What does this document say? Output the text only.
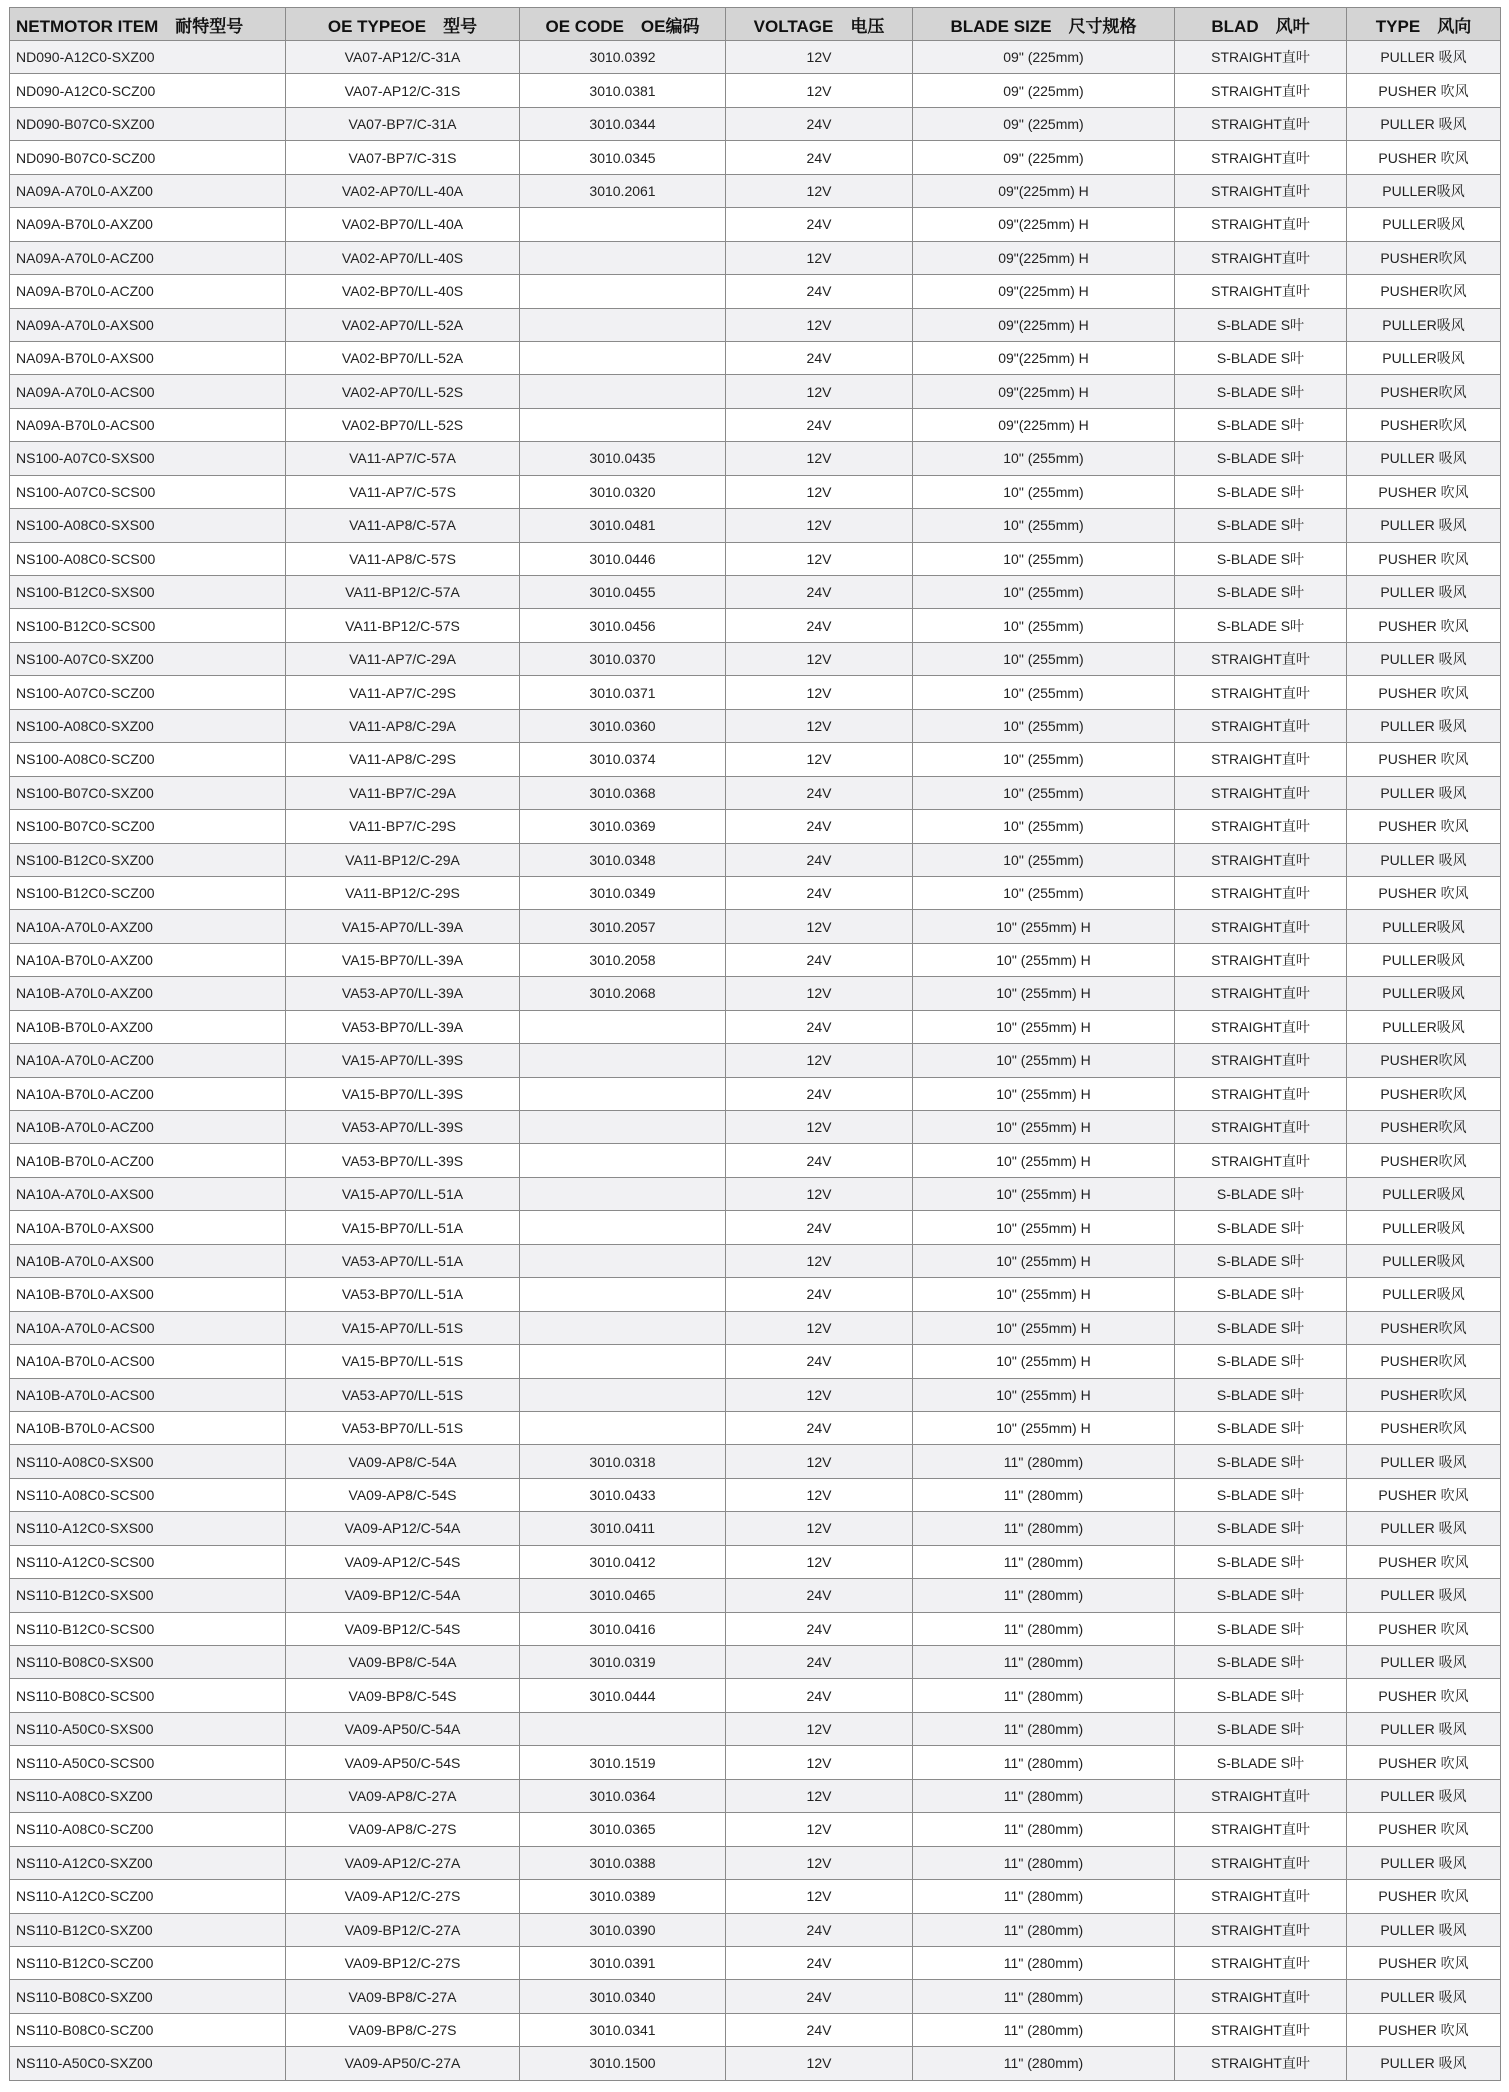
NETMOTOR ITEM　耐特型号	OE TYPEOE　型号	OE CODE　OE编码	VOLTAGE　电压	BLADE SIZE　尺寸规格	BLAD　风叶	TYPE　风向
ND090-A12C0-SXZ00	VA07-AP12/C-31A	3010.0392	12V	09" (225mm)	STRAIGHT直叶	PULLER 吸风
ND090-A12C0-SCZ00	VA07-AP12/C-31S	3010.0381	12V	09" (225mm)	STRAIGHT直叶	PUSHER 吹风
ND090-B07C0-SXZ00	VA07-BP7/C-31A	3010.0344	24V	09" (225mm)	STRAIGHT直叶	PULLER 吸风
ND090-B07C0-SCZ00	VA07-BP7/C-31S	3010.0345	24V	09" (225mm)	STRAIGHT直叶	PUSHER 吹风
NA09A-A70L0-AXZ00	VA02-AP70/LL-40A	3010.2061	12V	09"(225mm) H	STRAIGHT直叶	PULLER吸风
NA09A-B70L0-AXZ00	VA02-BP70/LL-40A		24V	09"(225mm) H	STRAIGHT直叶	PULLER吸风
NA09A-A70L0-ACZ00	VA02-AP70/LL-40S		12V	09"(225mm) H	STRAIGHT直叶	PUSHER吹风
NA09A-B70L0-ACZ00	VA02-BP70/LL-40S		24V	09"(225mm) H	STRAIGHT直叶	PUSHER吹风
NA09A-A70L0-AXS00	VA02-AP70/LL-52A		12V	09"(225mm) H	S-BLADE S叶	PULLER吸风
NA09A-B70L0-AXS00	VA02-BP70/LL-52A		24V	09"(225mm) H	S-BLADE S叶	PULLER吸风
NA09A-A70L0-ACS00	VA02-AP70/LL-52S		12V	09"(225mm) H	S-BLADE S叶	PUSHER吹风
NA09A-B70L0-ACS00	VA02-BP70/LL-52S		24V	09"(225mm) H	S-BLADE S叶	PUSHER吹风
NS100-A07C0-SXS00	VA11-AP7/C-57A	3010.0435	12V	10" (255mm)	S-BLADE S叶	PULLER 吸风
NS100-A07C0-SCS00	VA11-AP7/C-57S	3010.0320	12V	10" (255mm)	S-BLADE S叶	PUSHER 吹风
NS100-A08C0-SXS00	VA11-AP8/C-57A	3010.0481	12V	10" (255mm)	S-BLADE S叶	PULLER 吸风
NS100-A08C0-SCS00	VA11-AP8/C-57S	3010.0446	12V	10" (255mm)	S-BLADE S叶	PUSHER 吹风
NS100-B12C0-SXS00	VA11-BP12/C-57A	3010.0455	24V	10" (255mm)	S-BLADE S叶	PULLER 吸风
NS100-B12C0-SCS00	VA11-BP12/C-57S	3010.0456	24V	10" (255mm)	S-BLADE S叶	PUSHER 吹风
NS100-A07C0-SXZ00	VA11-AP7/C-29A	3010.0370	12V	10" (255mm)	STRAIGHT直叶	PULLER 吸风
NS100-A07C0-SCZ00	VA11-AP7/C-29S	3010.0371	12V	10" (255mm)	STRAIGHT直叶	PUSHER 吹风
NS100-A08C0-SXZ00	VA11-AP8/C-29A	3010.0360	12V	10" (255mm)	STRAIGHT直叶	PULLER 吸风
NS100-A08C0-SCZ00	VA11-AP8/C-29S	3010.0374	12V	10" (255mm)	STRAIGHT直叶	PUSHER 吹风
NS100-B07C0-SXZ00	VA11-BP7/C-29A	3010.0368	24V	10" (255mm)	STRAIGHT直叶	PULLER 吸风
NS100-B07C0-SCZ00	VA11-BP7/C-29S	3010.0369	24V	10" (255mm)	STRAIGHT直叶	PUSHER 吹风
NS100-B12C0-SXZ00	VA11-BP12/C-29A	3010.0348	24V	10" (255mm)	STRAIGHT直叶	PULLER 吸风
NS100-B12C0-SCZ00	VA11-BP12/C-29S	3010.0349	24V	10" (255mm)	STRAIGHT直叶	PUSHER 吹风
NA10A-A70L0-AXZ00	VA15-AP70/LL-39A	3010.2057	12V	10" (255mm) H	STRAIGHT直叶	PULLER吸风
NA10A-B70L0-AXZ00	VA15-BP70/LL-39A	3010.2058	24V	10" (255mm) H	STRAIGHT直叶	PULLER吸风
NA10B-A70L0-AXZ00	VA53-AP70/LL-39A	3010.2068	12V	10" (255mm) H	STRAIGHT直叶	PULLER吸风
NA10B-B70L0-AXZ00	VA53-BP70/LL-39A		24V	10" (255mm) H	STRAIGHT直叶	PULLER吸风
NA10A-A70L0-ACZ00	VA15-AP70/LL-39S		12V	10" (255mm) H	STRAIGHT直叶	PUSHER吹风
NA10A-B70L0-ACZ00	VA15-BP70/LL-39S		24V	10" (255mm) H	STRAIGHT直叶	PUSHER吹风
NA10B-A70L0-ACZ00	VA53-AP70/LL-39S		12V	10" (255mm) H	STRAIGHT直叶	PUSHER吹风
NA10B-B70L0-ACZ00	VA53-BP70/LL-39S		24V	10" (255mm) H	STRAIGHT直叶	PUSHER吹风
NA10A-A70L0-AXS00	VA15-AP70/LL-51A		12V	10" (255mm) H	S-BLADE S叶	PULLER吸风
NA10A-B70L0-AXS00	VA15-BP70/LL-51A		24V	10" (255mm) H	S-BLADE S叶	PULLER吸风
NA10B-A70L0-AXS00	VA53-AP70/LL-51A		12V	10" (255mm) H	S-BLADE S叶	PULLER吸风
NA10B-B70L0-AXS00	VA53-BP70/LL-51A		24V	10" (255mm) H	S-BLADE S叶	PULLER吸风
NA10A-A70L0-ACS00	VA15-AP70/LL-51S		12V	10" (255mm) H	S-BLADE S叶	PUSHER吹风
NA10A-B70L0-ACS00	VA15-BP70/LL-51S		24V	10" (255mm) H	S-BLADE S叶	PUSHER吹风
NA10B-A70L0-ACS00	VA53-AP70/LL-51S		12V	10" (255mm) H	S-BLADE S叶	PUSHER吹风
NA10B-B70L0-ACS00	VA53-BP70/LL-51S		24V	10" (255mm) H	S-BLADE S叶	PUSHER吹风
NS110-A08C0-SXS00	VA09-AP8/C-54A	3010.0318	12V	11" (280mm)	S-BLADE S叶	PULLER 吸风
NS110-A08C0-SCS00	VA09-AP8/C-54S	3010.0433	12V	11" (280mm)	S-BLADE S叶	PUSHER 吹风
NS110-A12C0-SXS00	VA09-AP12/C-54A	3010.0411	12V	11" (280mm)	S-BLADE S叶	PULLER 吸风
NS110-A12C0-SCS00	VA09-AP12/C-54S	3010.0412	12V	11" (280mm)	S-BLADE S叶	PUSHER 吹风
NS110-B12C0-SXS00	VA09-BP12/C-54A	3010.0465	24V	11" (280mm)	S-BLADE S叶	PULLER 吸风
NS110-B12C0-SCS00	VA09-BP12/C-54S	3010.0416	24V	11" (280mm)	S-BLADE S叶	PUSHER 吹风
NS110-B08C0-SXS00	VA09-BP8/C-54A	3010.0319	24V	11" (280mm)	S-BLADE S叶	PULLER 吸风
NS110-B08C0-SCS00	VA09-BP8/C-54S	3010.0444	24V	11" (280mm)	S-BLADE S叶	PUSHER 吹风
NS110-A50C0-SXS00	VA09-AP50/C-54A		12V	11" (280mm)	S-BLADE S叶	PULLER 吸风
NS110-A50C0-SCS00	VA09-AP50/C-54S	3010.1519	12V	11" (280mm)	S-BLADE S叶	PUSHER 吹风
NS110-A08C0-SXZ00	VA09-AP8/C-27A	3010.0364	12V	11" (280mm)	STRAIGHT直叶	PULLER 吸风
NS110-A08C0-SCZ00	VA09-AP8/C-27S	3010.0365	12V	11" (280mm)	STRAIGHT直叶	PUSHER 吹风
NS110-A12C0-SXZ00	VA09-AP12/C-27A	3010.0388	12V	11" (280mm)	STRAIGHT直叶	PULLER 吸风
NS110-A12C0-SCZ00	VA09-AP12/C-27S	3010.0389	12V	11" (280mm)	STRAIGHT直叶	PUSHER 吹风
NS110-B12C0-SXZ00	VA09-BP12/C-27A	3010.0390	24V	11" (280mm)	STRAIGHT直叶	PULLER 吸风
NS110-B12C0-SCZ00	VA09-BP12/C-27S	3010.0391	24V	11" (280mm)	STRAIGHT直叶	PUSHER 吹风
NS110-B08C0-SXZ00	VA09-BP8/C-27A	3010.0340	24V	11" (280mm)	STRAIGHT直叶	PULLER 吸风
NS110-B08C0-SCZ00	VA09-BP8/C-27S	3010.0341	24V	11" (280mm)	STRAIGHT直叶	PUSHER 吹风
NS110-A50C0-SXZ00	VA09-AP50/C-27A	3010.1500	12V	11" (280mm)	STRAIGHT直叶	PULLER 吸风
